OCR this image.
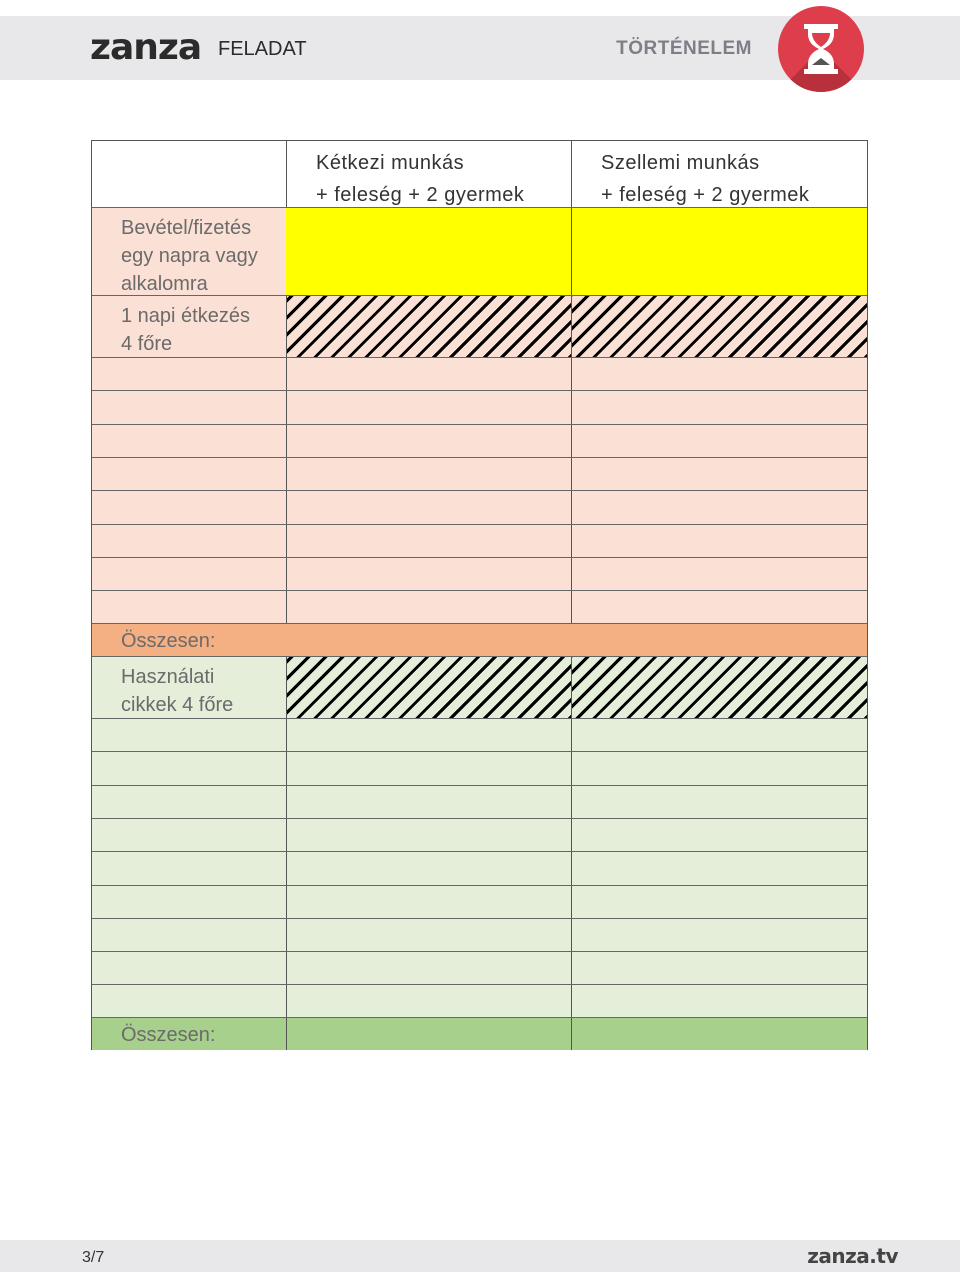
zanza FELADAT	TÖRTÉNELEM
Kétkezi munkás
+ feleség + 2 gyermek
Szellemi munkás
+ feleség + 2 gyermek
Bevétel/fizetés
egy napra vagy
alkalomra
1 napi étkezés
4 főre
Összesen:
Használati
cikkek 4 főre
Összesen:
3/7	zanza.tv
